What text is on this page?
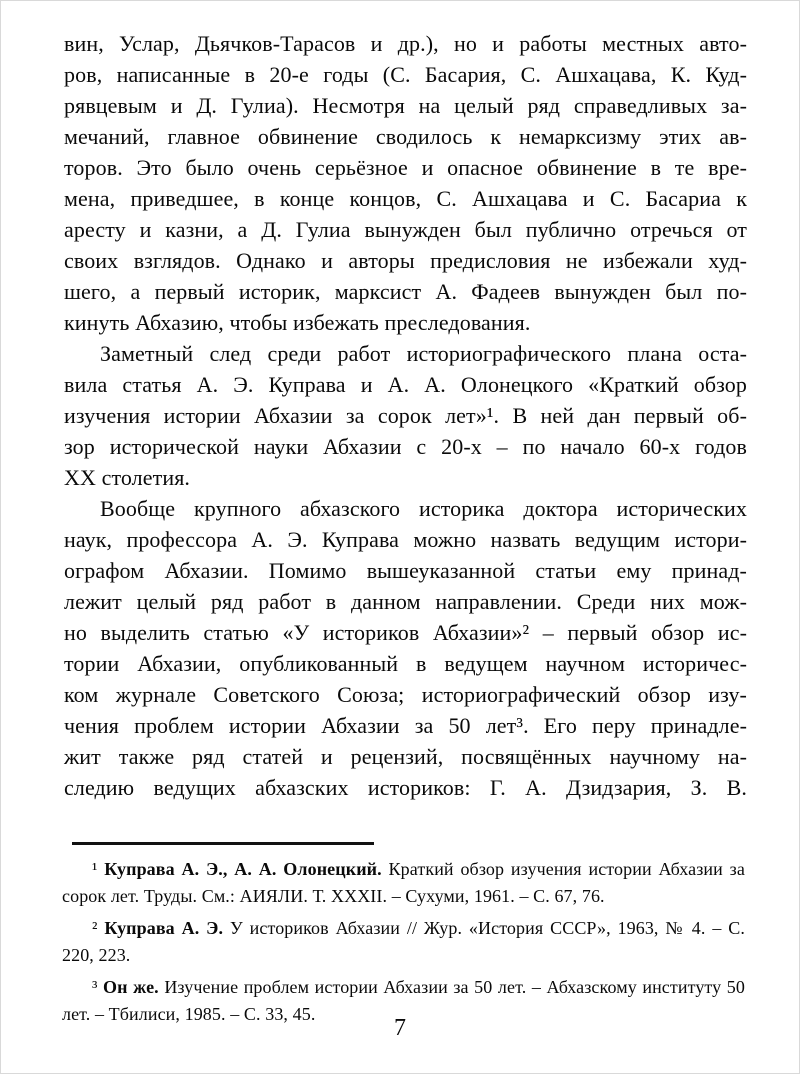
вин, Услар, Дьячков-Тарасов и др.), но и работы местных авто-
ров, написанные в 20-е годы (С. Басария, С. Ашхацава, К. Куд-
рявцевым и Д. Гулиа). Несмотря на целый ряд справедливых за-
мечаний, главное обвинение сводилось к немарксизму этих ав-
торов. Это было очень серьёзное и опасное обвинение в те вре-
мена, приведшее, в конце концов, С. Ашхацава и С. Басариа к
аресту и казни, а Д. Гулиа вынужден был публично отречься от
своих взглядов. Однако и авторы предисловия не избежали худ-
шего, а первый историк, марксист А. Фадеев вынужден был по-
кинуть Абхазию, чтобы избежать преследования.
Заметный след среди работ историографического плана оста-
вила статья А. Э. Куправа и А. А. Олонецкого «Краткий обзор
изучения истории Абхазии за сорок лет»¹. В ней дан первый об-
зор исторической науки Абхазии с 20-х – по начало 60-х годов
ХХ столетия.
Вообще крупного абхазского историка доктора исторических
наук, профессора А. Э. Куправа можно назвать ведущим истори-
ографом Абхазии. Помимо вышеуказанной статьи ему принад-
лежит целый ряд работ в данном направлении. Среди них мож-
но выделить статью «У историков Абхазии»² – первый обзор ис-
тории Абхазии, опубликованный в ведущем научном историчес-
ком журнале Советского Союза; историографический обзор изу-
чения проблем истории Абхазии за 50 лет³. Его перу принадле-
жит также ряд статей и рецензий, посвящённых научному на-
следию ведущих абхазских историков: Г. А. Дзидзария, З. В.
¹ Куправа А. Э., А. А. Олонецкий. Краткий обзор изучения истории Абхазии за
сорок лет. Труды. См.: АИЯЛИ. Т. XXXII. – Сухуми, 1961. – С. 67, 76.
² Куправа А. Э. У историков Абхазии // Жур. «История СССР», 1963, № 4. – С.
220, 223.
³ Он же. Изучение проблем истории Абхазии за 50 лет. – Абхазскому институту 50
лет. – Тбилиси, 1985. – С. 33, 45.
7
